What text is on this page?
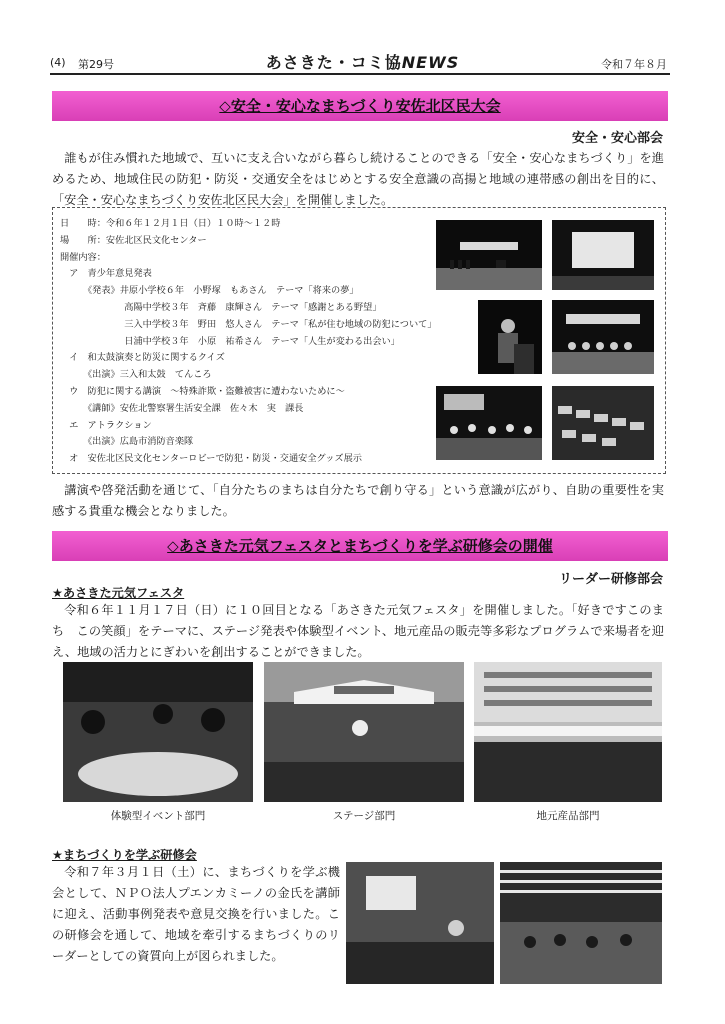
(4) 第29号	あさきた・コミ協NEWS	令和７年８月
◇安全・安心なまちづくり安佐北区民大会
安全・安心部会

誰もが住み慣れた地域で、互いに支え合いながら暮らし続けることのできる「安全・安心なまちづくり」を進めるため、地域住民の防犯・防災・交通安全をはじめとする安全意識の高揚と地域の連帯感の創出を目的に、「安全・安心なまちづくり安佐北区民大会」を開催しました。

日　　時：令和６年１２月１日（日）１０時～１２時
場　　所：安佐北区民文化センター
開催内容：
　ア　青少年意見発表
　　　《発表》井原小学校６年　小野塚　もあさん　テーマ「将来の夢」
　　　　　　　高陽中学校３年　斉藤　康輝さん　テーマ「感謝とある野望」
　　　　　　　三入中学校３年　野田　悠人さん　テーマ「私が住む地域の防犯について」
　　　　　　　日浦中学校３年　小原　祐希さん　テーマ「人生が変わる出会い」
　イ　和太鼓演奏と防災に関するクイズ
　　　《出演》三入和太鼓　てんころ
　ウ　防犯に関する講演　～特殊詐欺・盗難被害に遭わないために～
　　　《講師》安佐北警察署生活安全課　佐々木　実　課長
　エ　アトラクション
　　　《出演》広島市消防音楽隊
　オ　安佐北区民文化センターロビーで防犯・防災・交通安全グッズ展示

講演や啓発活動を通じて、「自分たちのまちは自分たちで創り守る」という意識が広がり、自助の重要性を実感する貴重な機会となりました。

◇あさきた元気フェスタとまちづくりを学ぶ研修会の開催
リーダー研修部会
★あさきた元気フェスタ

令和６年１１月１７日（日）に１０回目となる「あさきた元気フェスタ」を開催しました。「好きですこのまち　この笑顔」をテーマに、ステージ発表や体験型イベント、地元産品の販売等多彩なプログラムで来場者を迎え、地域の活力とにぎわいを創出することができました。

体験型イベント部門	ステージ部門	地元産品部門
★まちづくりを学ぶ研修会

令和７年３月１日（土）に、まちづくりを学ぶ機会として、ＮＰＯ法人プエンカミーノの金氏を講師に迎え、活動事例発表や意見交換を行いました。この研修会を通して、地域を牽引するまちづくりのリーダーとしての資質向上が図られました。
